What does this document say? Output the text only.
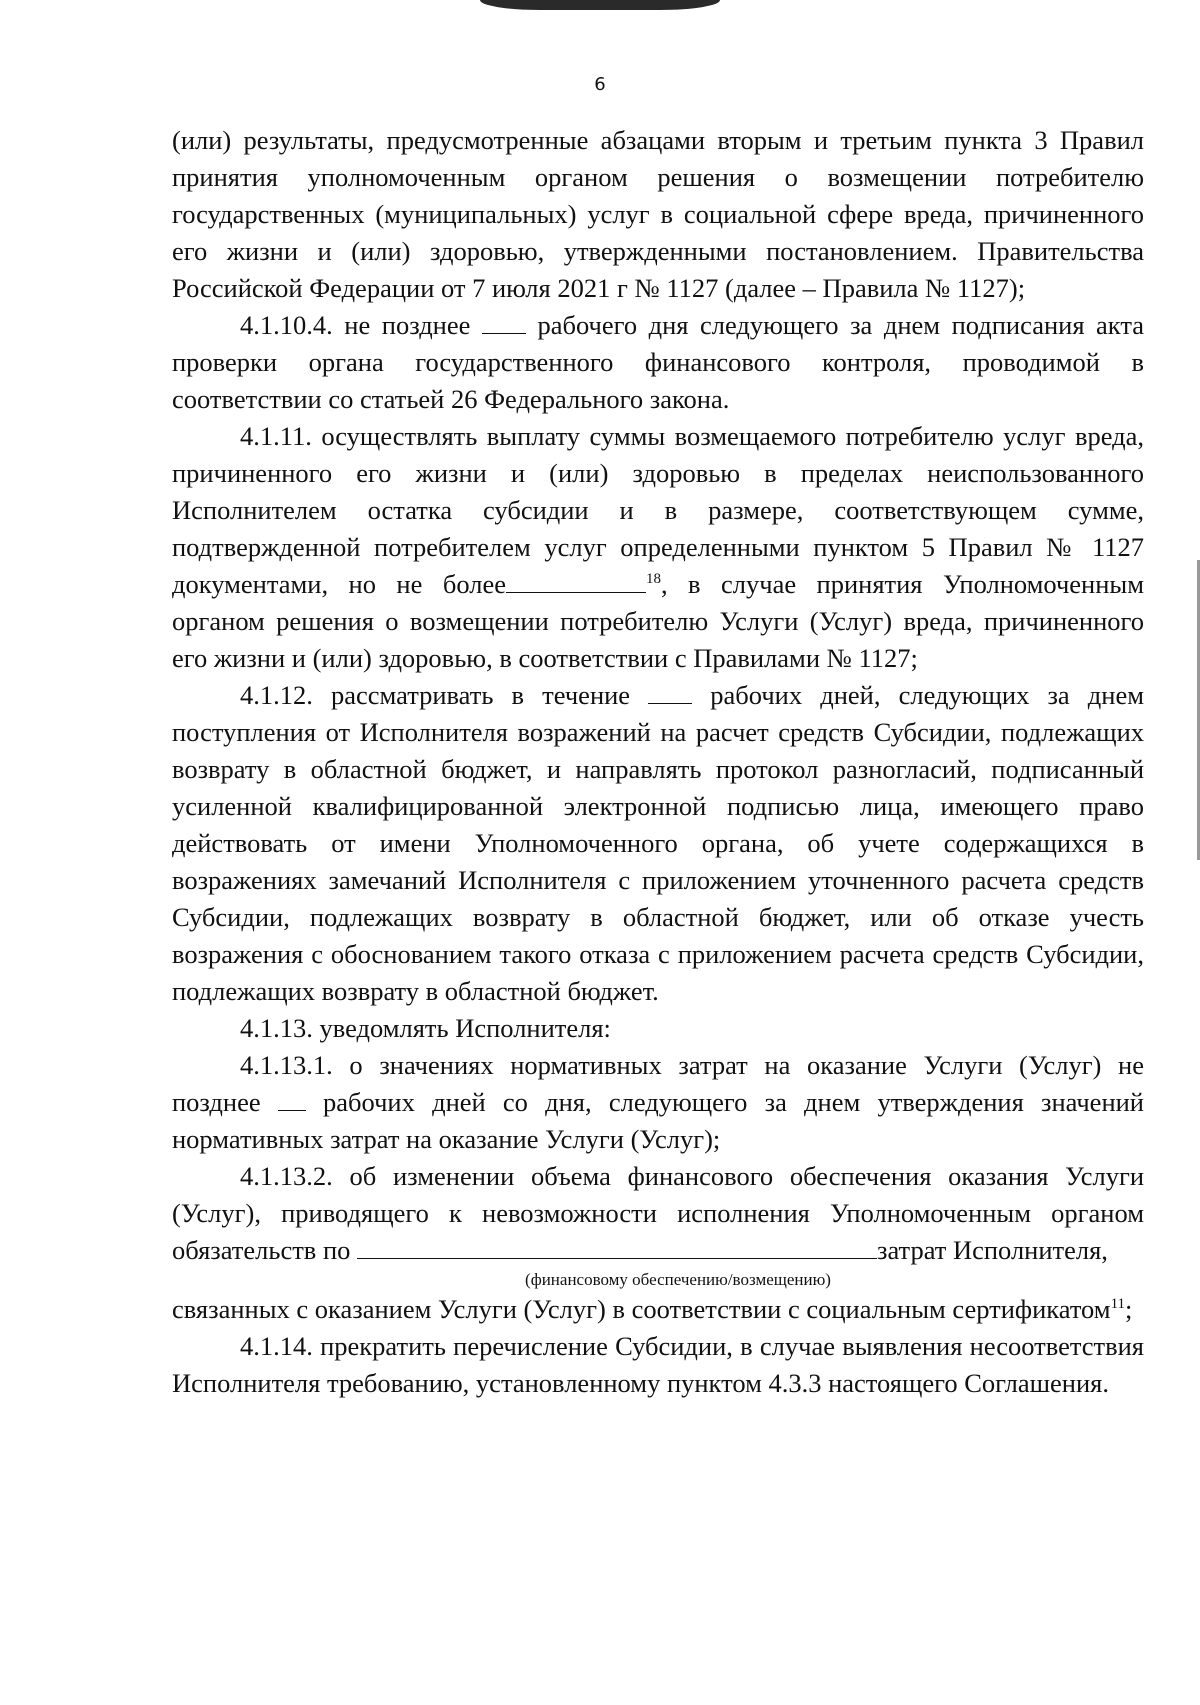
6

(или) результаты, предусмотренные абзацами вторым и третьим пункта 3 Правил принятия уполномоченным органом решения о возмещении потребителю государственных (муниципальных) услуг в социальной сфере вреда, причиненного его жизни и (или) здоровью, утвержденными постановлением. Правительства Российской Федерации от 7 июля 2021 г № 1127 (далее – Правила № 1127);

4.1.10.4. не позднее  рабочего дня следующего за днем подписания акта проверки органа государственного финансового контроля, проводимой в соответствии со статьей 26 Федерального закона.

4.1.11. осуществлять выплату суммы возмещаемого потребителю услуг вреда, причиненного его жизни и (или) здоровью в пределах неиспользованного Исполнителем остатка субсидии и в размере, соответствующем сумме, подтвержденной потребителем услуг определенными пунктом 5 Правил № 1127 документами, но не более	$^{18}$, в случае принятия Уполномоченным органом решения о возмещении потребителю Услуги (Услуг) вреда, причиненного его жизни и (или) здоровью, в соответствии с Правилами № 1127;

4.1.12. рассматривать в течение  рабочих дней, следующих за днем поступления от Исполнителя возражений на расчет средств Субсидии, подлежащих возврату в областной бюджет, и направлять протокол разногласий, подписанный усиленной квалифицированной электронной подписью лица, имеющего право действовать от имени Уполномоченного органа, об учете содержащихся в возражениях замечаний Исполнителя с приложением уточненного расчета средств Субсидии, подлежащих возврату в областной бюджет, или об отказе учесть возражения с обоснованием такого отказа с приложением расчета средств Субсидии, подлежащих возврату в областной бюджет.

4.1.13. уведомлять Исполнителя:

4.1.13.1. о значениях нормативных затрат на оказание Услуги (Услуг) не позднее  рабочих дней со дня, следующего за днем утверждения значений нормативных затрат на оказание Услуги (Услуг);

4.1.13.2. об изменении объема финансового обеспечения оказания Услуги (Услуг), приводящего к невозможности исполнения Уполномоченным органом обязательств по	затрат Исполнителя,

(финансовому обеспечению/возмещению)

связанных с оказанием Услуги (Услуг) в соответствии с социальным сертификатом$^{11}$;

4.1.14. прекратить перечисление Субсидии, в случае выявления несоответствия Исполнителя требованию, установленному пунктом 4.3.3 настоящего Соглашения.
